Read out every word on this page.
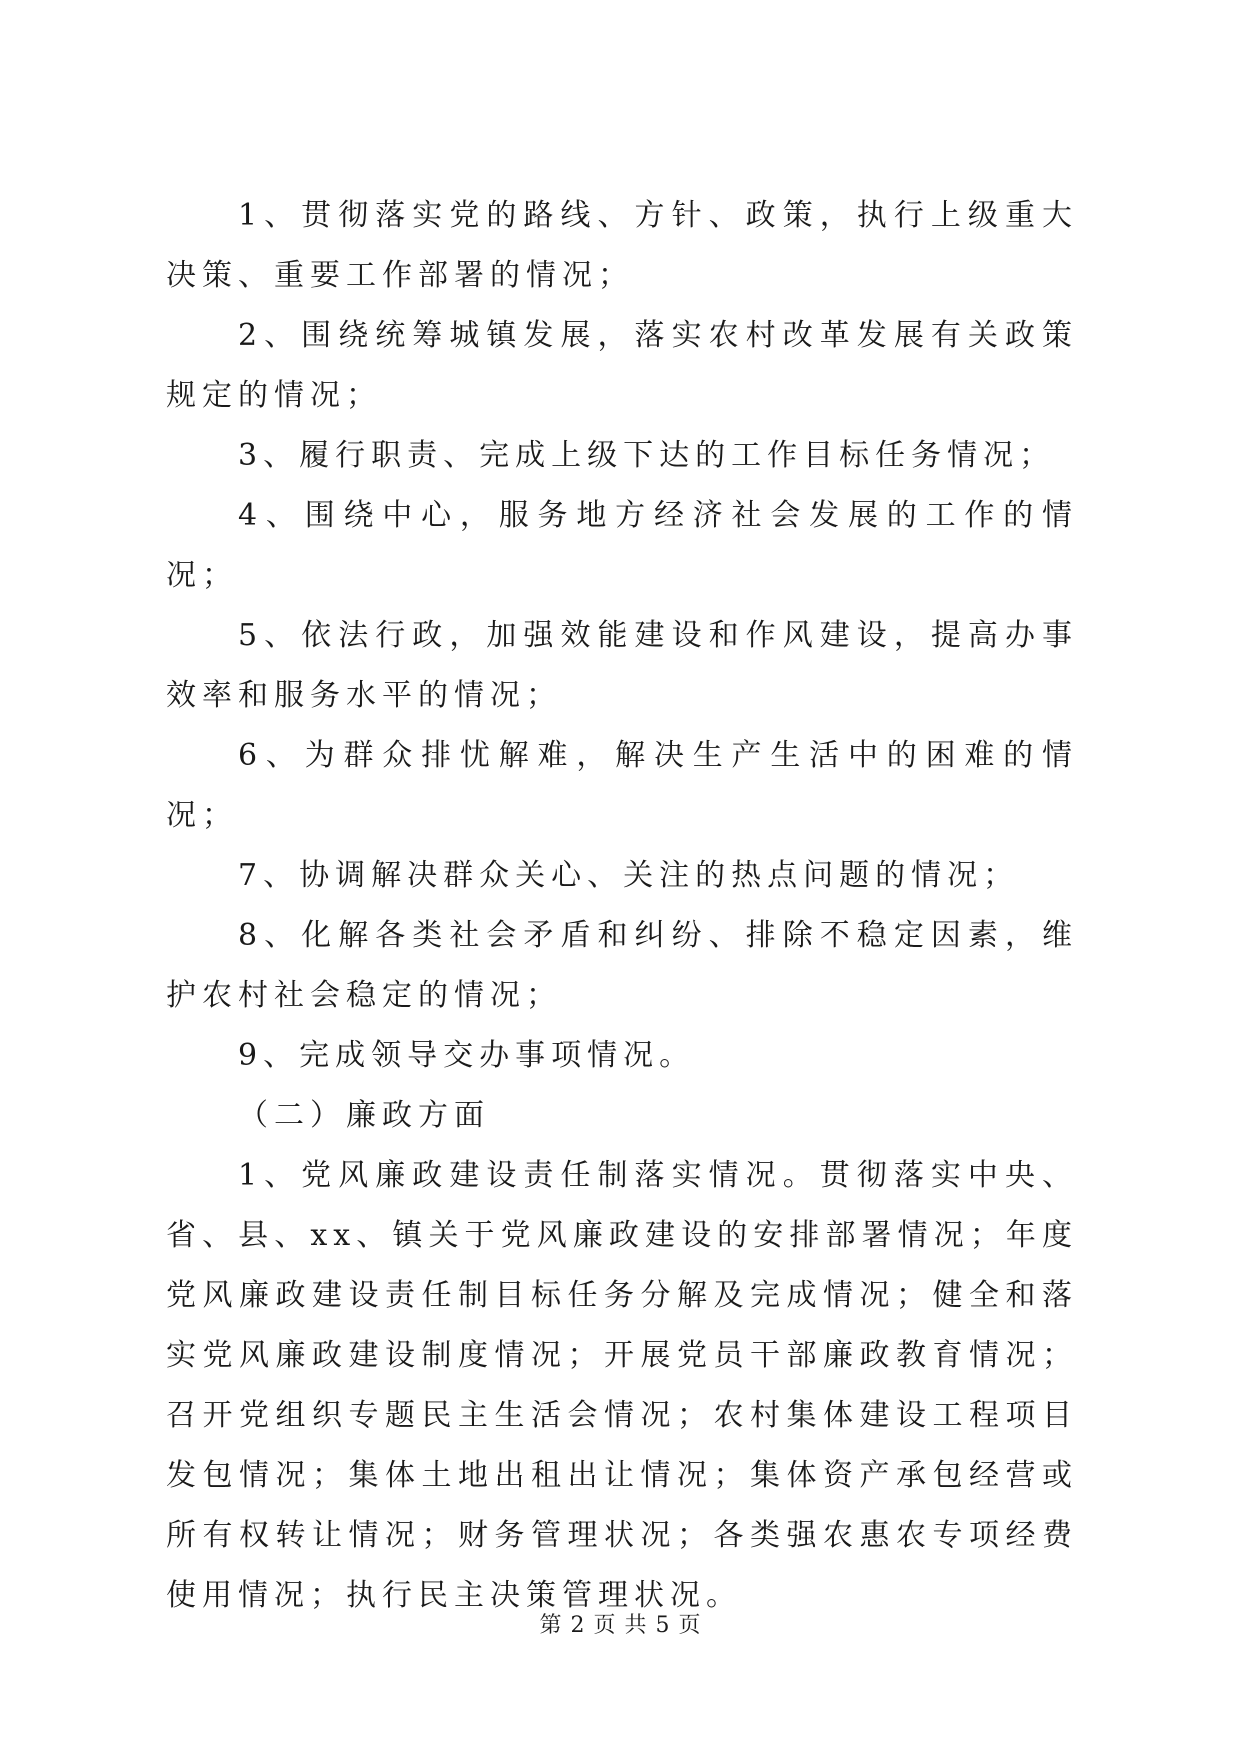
1、贯彻落实党的路线、方针、政策，执行上级重大决策、重要工作部署的情况；

2、围绕统筹城镇发展，落实农村改革发展有关政策规定的情况；

3、履行职责、完成上级下达的工作目标任务情况；

4、围绕中心，服务地方经济社会发展的工作的情况；

5、依法行政，加强效能建设和作风建设，提高办事效率和服务水平的情况；

6、为群众排忧解难，解决生产生活中的困难的情况；

7、协调解决群众关心、关注的热点问题的情况；

8、化解各类社会矛盾和纠纷、排除不稳定因素，维护农村社会稳定的情况；

9、完成领导交办事项情况。

（二）廉政方面

1、党风廉政建设责任制落实情况。贯彻落实中央、省、县、xx、镇关于党风廉政建设的安排部署情况；年度党风廉政建设责任制目标任务分解及完成情况；健全和落实党风廉政建设制度情况；开展党员干部廉政教育情况；召开党组织专题民主生活会情况；农村集体建设工程项目发包情况；集体土地出租出让情况；集体资产承包经营或所有权转让情况；财务管理状况；各类强农惠农专项经费使用情况；执行民主决策管理状况。

第 2 页 共 5 页
